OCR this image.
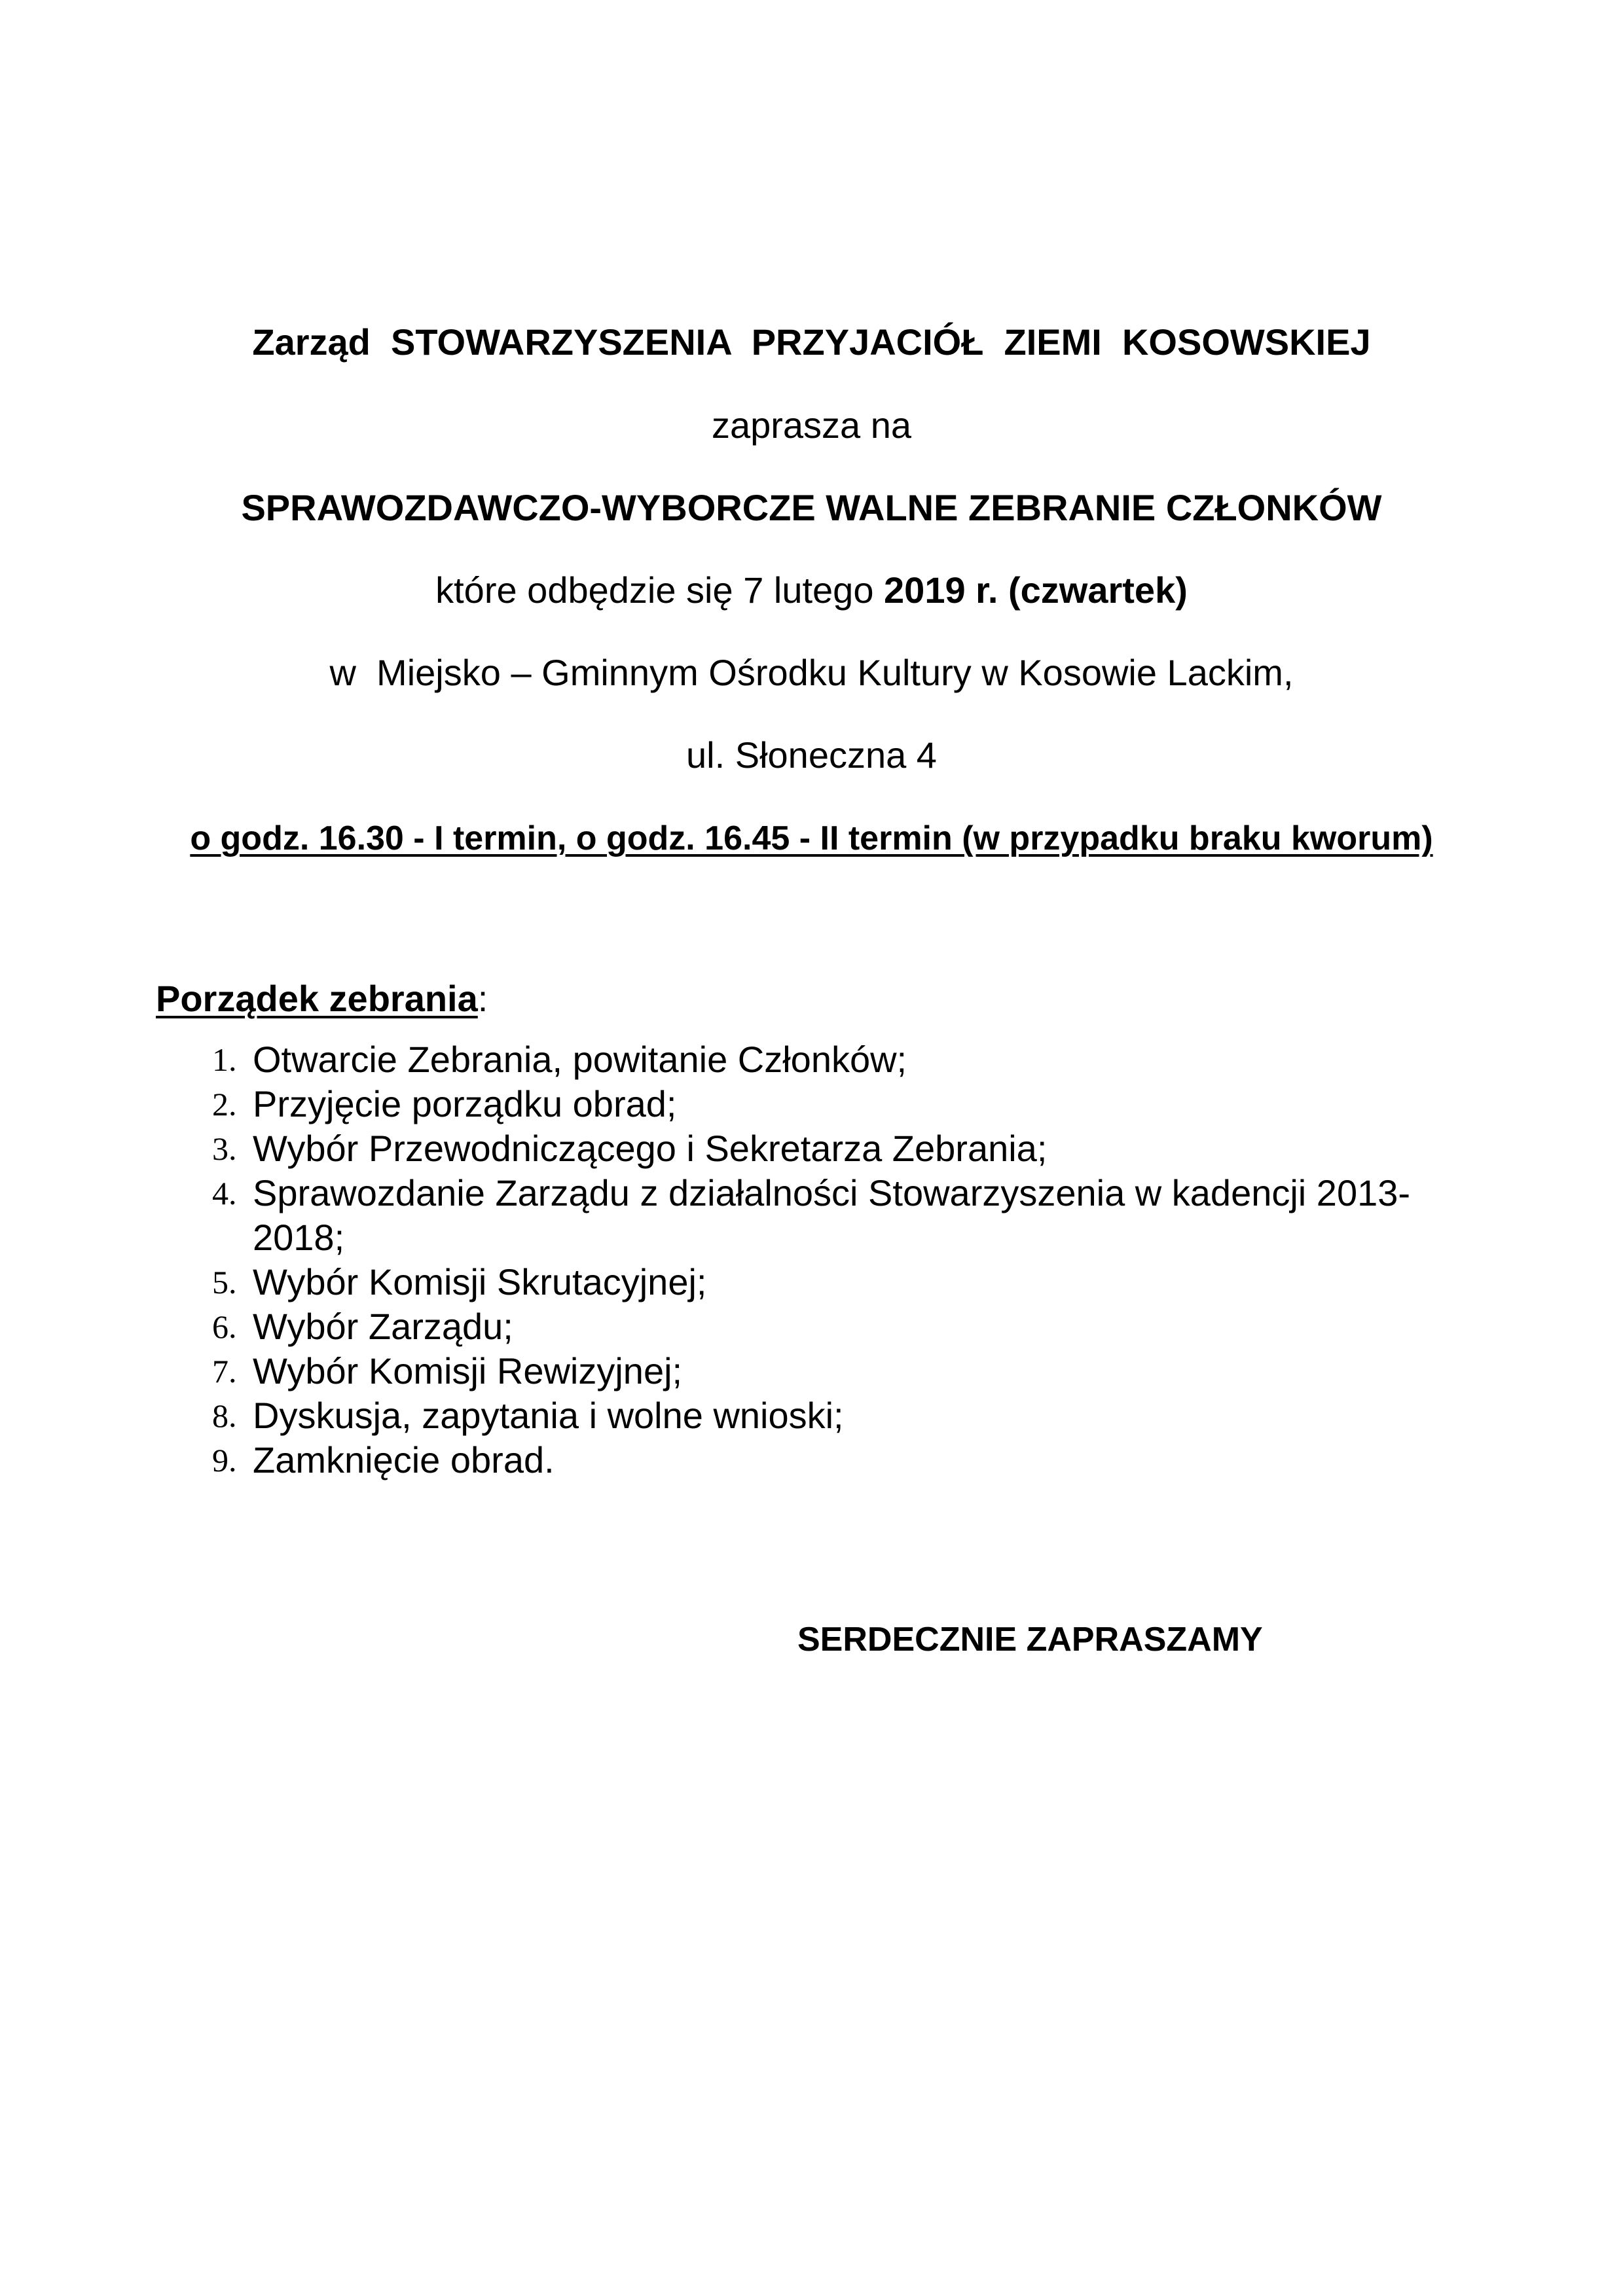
Zarząd  STOWARZYSZENIA  PRZYJACIÓŁ  ZIEMI  KOSOWSKIEJ
zaprasza na
SPRAWOZDAWCZO-WYBORCZE WALNE ZEBRANIE CZŁONKÓW
które odbędzie się 7 lutego 2019 r. (czwartek)
w  Miejsko – Gminnym Ośrodku Kultury w Kosowie Lackim,
ul. Słoneczna 4
o godz. 16.30 - I termin, o godz. 16.45 - II termin (w przypadku braku kworum)
Porządek zebrania:
1. Otwarcie Zebrania, powitanie Członków;
2. Przyjęcie porządku obrad;
3. Wybór Przewodniczącego i Sekretarza Zebrania;
4. Sprawozdanie Zarządu z działalności Stowarzyszenia w kadencji 2013-
2018;
5. Wybór Komisji Skrutacyjnej;
6. Wybór Zarządu;
7. Wybór Komisji Rewizyjnej;
8. Dyskusja, zapytania i wolne wnioski;
9. Zamknięcie obrad.
SERDECZNIE ZAPRASZAMY
